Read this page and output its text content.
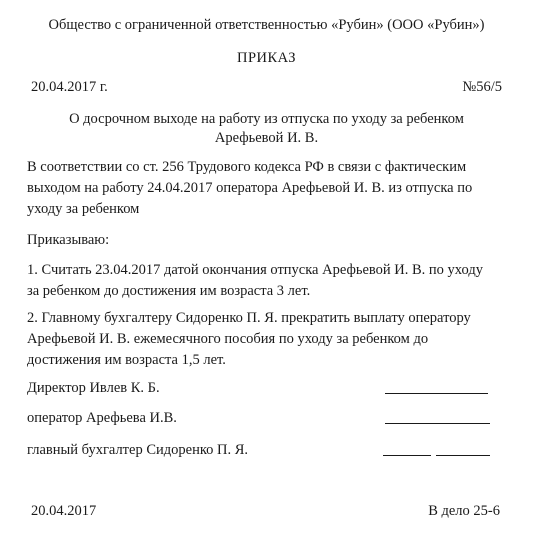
Общество с ограниченной ответственностью «Рубин» (ООО «Рубин»)
ПРИКАЗ
20.04.2017 г.	№56/5
О досрочном выходе на работу из отпуска по уходу за ребенком
Арефьевой И. В.
В соответствии со ст. 256 Трудового кодекса РФ в связи с фактическим
выходом на работу 24.04.2017 оператора Арефьевой И. В. из отпуска по
уходу за ребенком
Приказываю:
1. Считать 23.04.2017 датой окончания отпуска Арефьевой И. В. по уходу
за ребенком до достижения им возраста 3 лет.
2. Главному бухгалтеру Сидоренко П. Я. прекратить выплату оператору
Арефьевой И. В. ежемесячного пособия по уходу за ребенком до
достижения им возраста 1,5 лет.
Директор Ивлев К. Б.
оператор Арефьева И.В.
главный бухгалтер Сидоренко П. Я.
20.04.2017	В дело 25-6
